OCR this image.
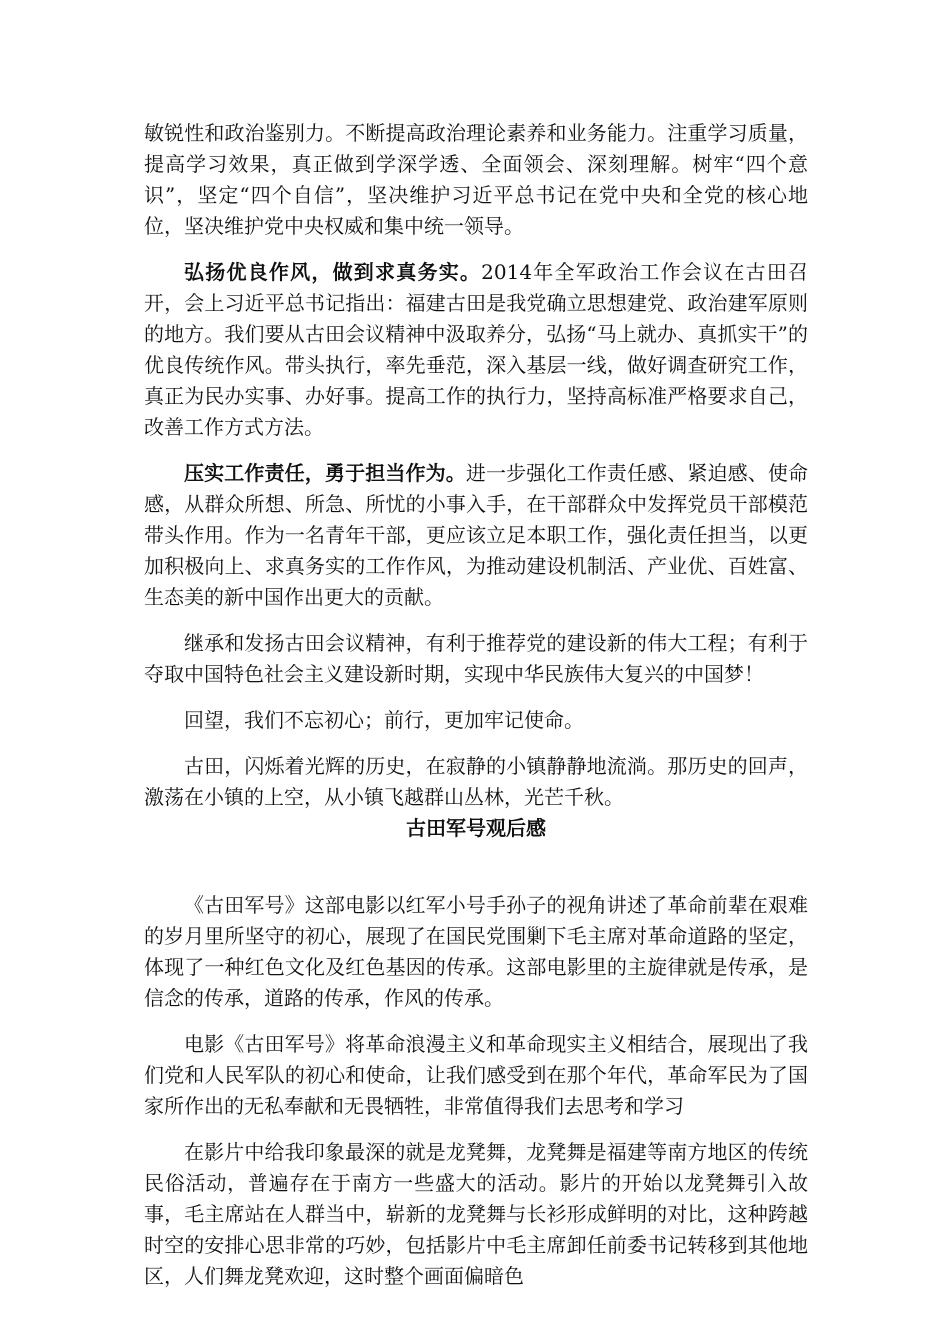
敏锐性和政治鉴别力。不断提高政治理论素养和业务能力。注重学习质量，提高学习效果，真正做到学深学透、全面领会、深刻理解。树牢“四个意识”，坚定“四个自信”，坚决维护习近平总书记在党中央和全党的核心地位，坚决维护党中央权威和集中统一领导。

弘扬优良作风，做到求真务实。2014年全军政治工作会议在古田召开，会上习近平总书记指出：福建古田是我党确立思想建党、政治建军原则的地方。我们要从古田会议精神中汲取养分，弘扬“马上就办、真抓实干”的优良传统作风。带头执行，率先垂范，深入基层一线，做好调查研究工作，真正为民办实事、办好事。提高工作的执行力，坚持高标准严格要求自己，改善工作方式方法。

压实工作责任，勇于担当作为。进一步强化工作责任感、紧迫感、使命感，从群众所想、所急、所忧的小事入手，在干部群众中发挥党员干部模范带头作用。作为一名青年干部，更应该立足本职工作，强化责任担当，以更加积极向上、求真务实的工作作风，为推动建设机制活、产业优、百姓富、生态美的新中国作出更大的贡献。

继承和发扬古田会议精神，有利于推荐党的建设新的伟大工程；有利于夺取中国特色社会主义建设新时期，实现中华民族伟大复兴的中国梦！

回望，我们不忘初心；前行，更加牢记使命。

古田，闪烁着光辉的历史，在寂静的小镇静静地流淌。那历史的回声，激荡在小镇的上空，从小镇飞越群山丛林，光芒千秋。

古田军号观后感

《古田军号》这部电影以红军小号手孙子的视角讲述了革命前辈在艰难的岁月里所坚守的初心，展现了在国民党围剿下毛主席对革命道路的坚定，体现了一种红色文化及红色基因的传承。这部电影里的主旋律就是传承，是信念的传承，道路的传承，作风的传承。

电影《古田军号》将革命浪漫主义和革命现实主义相结合，展现出了我们党和人民军队的初心和使命，让我们感受到在那个年代，革命军民为了国家所作出的无私奉献和无畏牺牲，非常值得我们去思考和学习

在影片中给我印象最深的就是龙凳舞，龙凳舞是福建等南方地区的传统民俗活动，普遍存在于南方一些盛大的活动。影片的开始以龙凳舞引入故事，毛主席站在人群当中，崭新的龙凳舞与长衫形成鲜明的对比，这种跨越时空的安排心思非常的巧妙，包括影片中毛主席卸任前委书记转移到其他地区，人们舞龙凳欢迎，这时整个画面偏暗色
